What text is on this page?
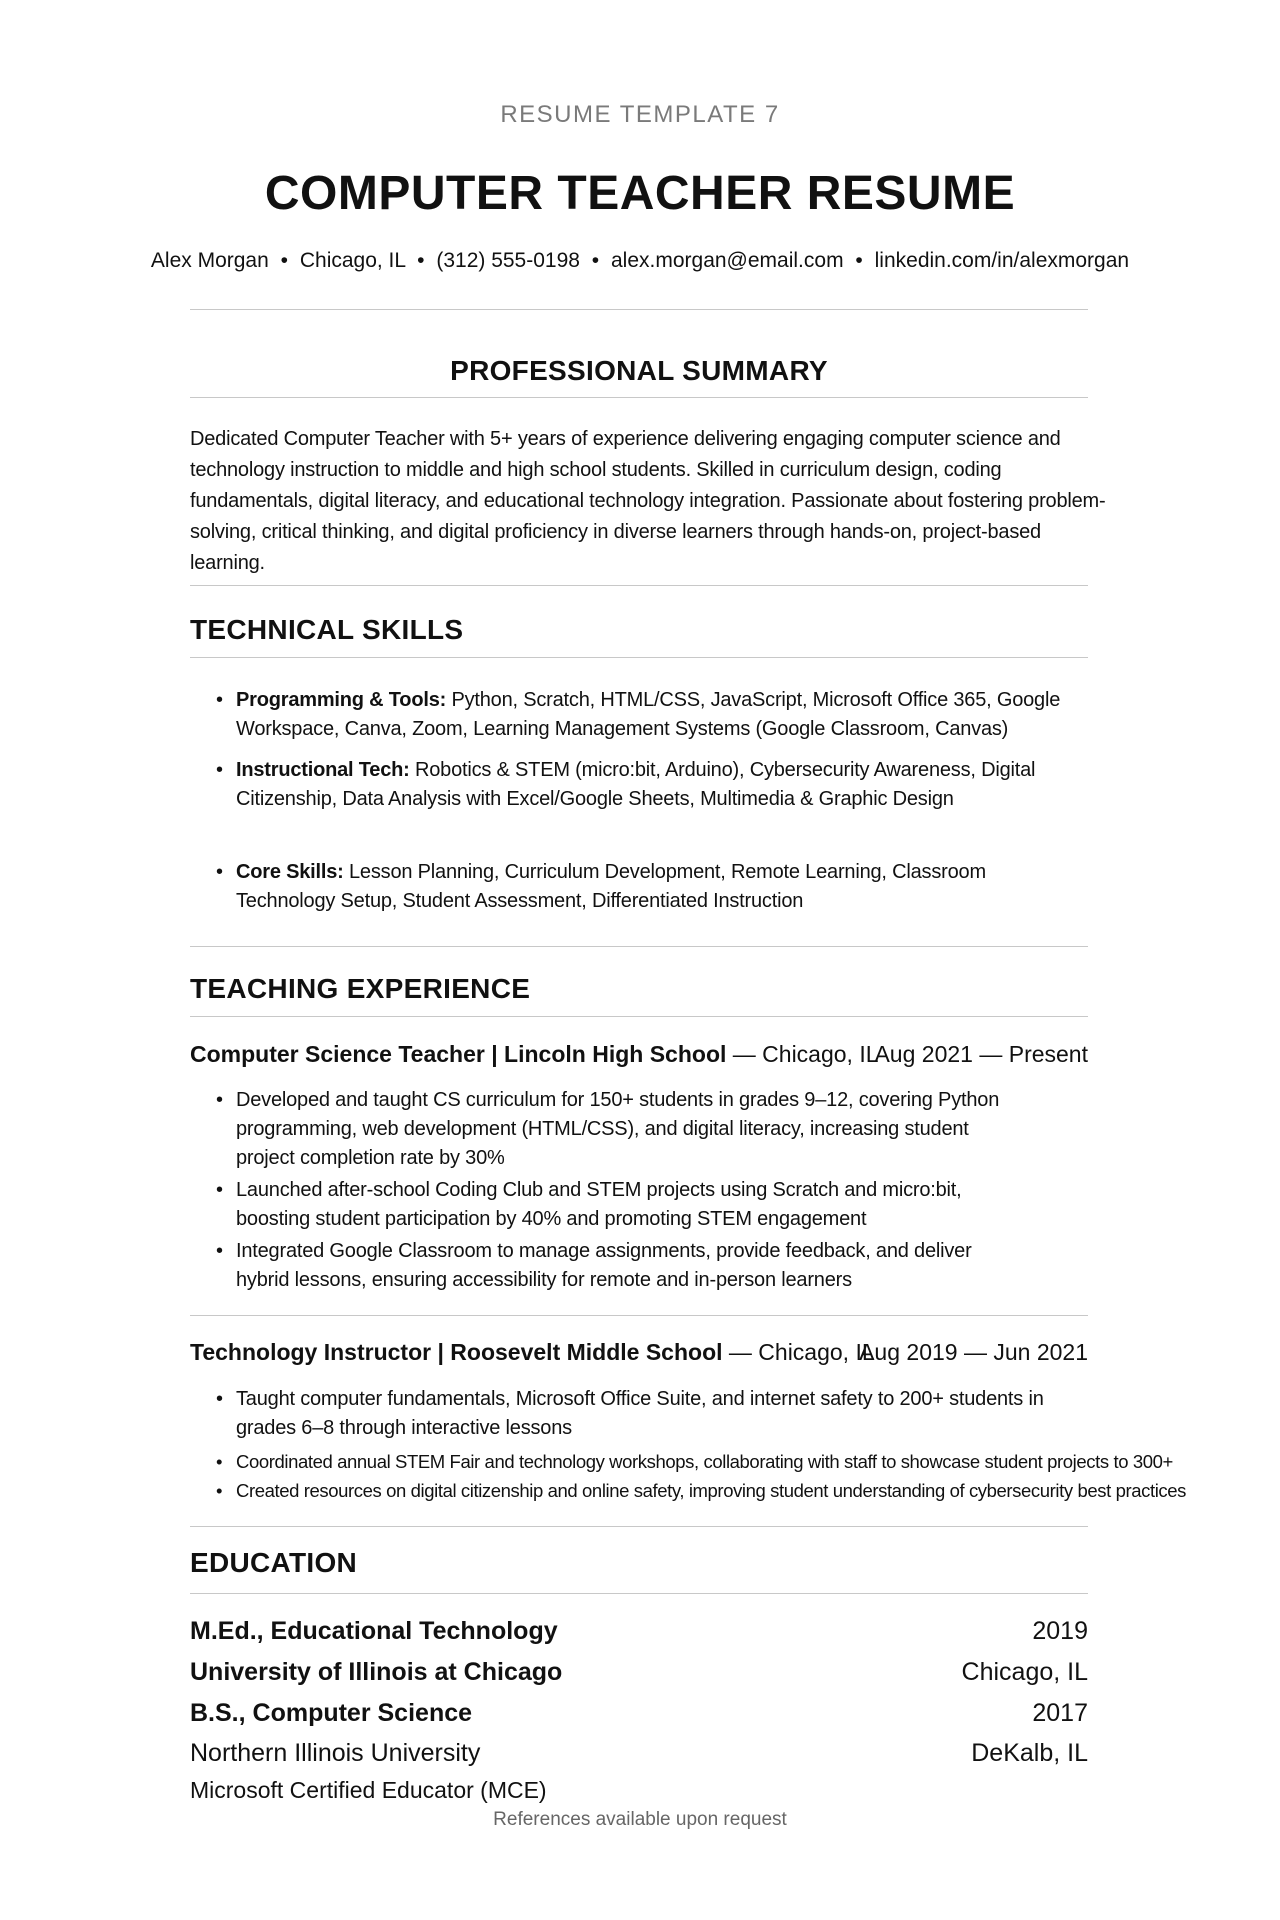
RESUME TEMPLATE 7
COMPUTER TEACHER RESUME
Alex Morgan • Chicago, IL • (312) 555-0198 • alex.morgan@email.com • linkedin.com/in/alexmorgan
PROFESSIONAL SUMMARY
Dedicated Computer Teacher with 5+ years of experience delivering engaging computer science and technology instruction to middle and high school students. Skilled in curriculum design, coding fundamentals, digital literacy, and educational technology integration. Passionate about fostering problem-solving, critical thinking, and digital proficiency in diverse learners through hands-on, project-based learning.
TECHNICAL SKILLS
• Programming & Tools: Python, Scratch, HTML/CSS, JavaScript, Microsoft Office 365, Google Workspace, Canva, Zoom, Learning Management Systems (Google Classroom, Canvas)
• Instructional Tech: Robotics & STEM (micro:bit, Arduino), Cybersecurity Awareness, Digital Citizenship, Data Analysis with Excel/Google Sheets, Multimedia & Graphic Design
• Core Skills: Lesson Planning, Curriculum Development, Remote Learning, Classroom Technology Setup, Student Assessment, Differentiated Instruction
TEACHING EXPERIENCE
Computer Science Teacher | Lincoln High School — Chicago, IL
Aug 2021 — Present
• Developed and taught CS curriculum for 150+ students in grades 9–12, covering Python programming, web development (HTML/CSS), and digital literacy, increasing student project completion rate by 30%
• Launched after-school Coding Club and STEM projects using Scratch and micro:bit, boosting student participation by 40% and promoting STEM engagement
• Integrated Google Classroom to manage assignments, provide feedback, and deliver hybrid lessons, ensuring accessibility for remote and in-person learners
Technology Instructor | Roosevelt Middle School — Chicago, IL
Aug 2019 — Jun 2021
• Taught computer fundamentals, Microsoft Office Suite, and internet safety to 200+ students in grades 6–8 through interactive lessons
• Coordinated annual STEM Fair and technology workshops, collaborating with staff to showcase student projects to 300+
• Created resources on digital citizenship and online safety, improving student understanding of cybersecurity best practices
EDUCATION
M.Ed., Educational Technology	2019
University of Illinois at Chicago	Chicago, IL
B.S., Computer Science	2017
Northern Illinois University	DeKalb, IL
Microsoft Certified Educator (MCE)
References available upon request
